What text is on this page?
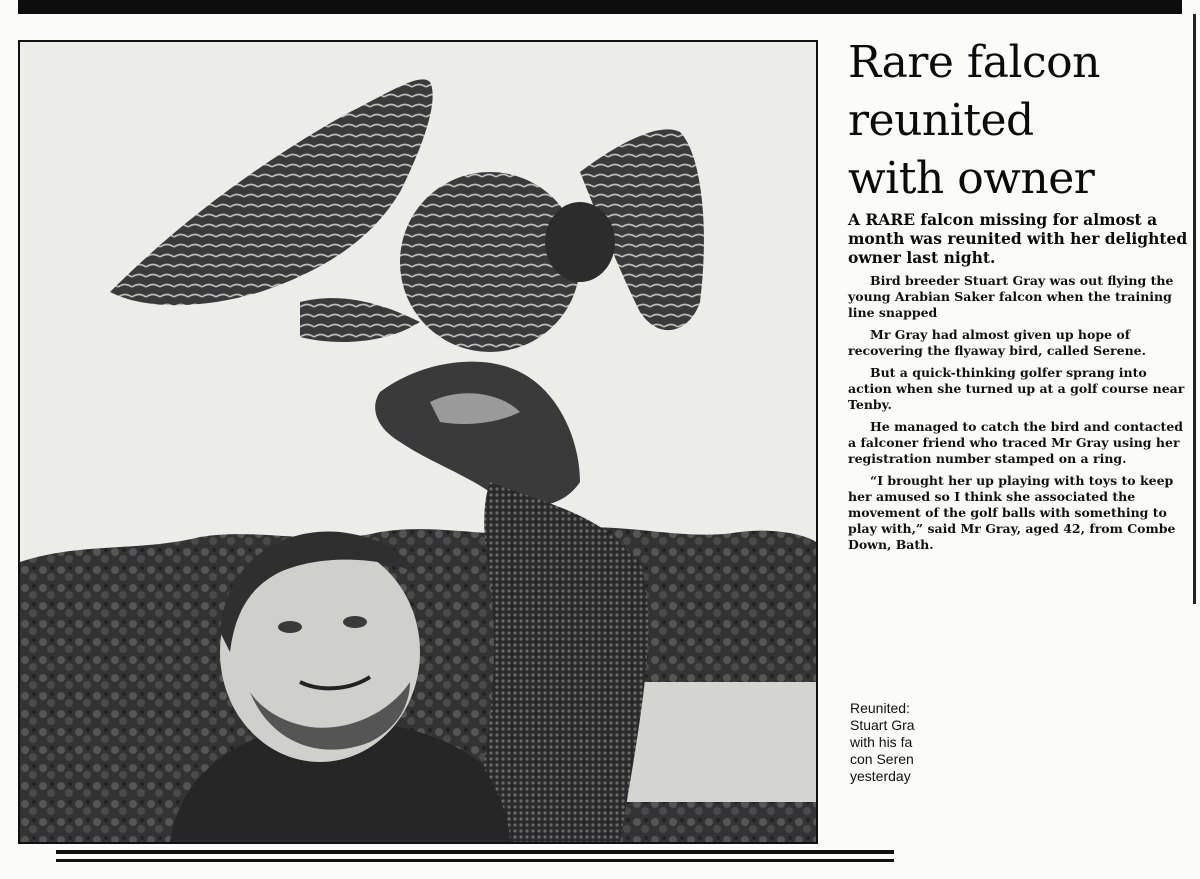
Rare falcon
reunited
with owner

A RARE falcon missing for almost a month was reunited with her delighted owner last night.

Bird breeder Stuart Gray was out flying the young Arabian Saker falcon when the training line snapped

Mr Gray had almost given up hope of recovering the flyaway bird, called Serene.

But a quick-thinking golfer sprang into action when she turned up at a golf course near Tenby.

He managed to catch the bird and contacted a falconer friend who traced Mr Gray using her registration number stamped on a ring.

“I brought her up playing with toys to keep her amused so I think she associated the movement of the golf balls with something to play with,” said Mr Gray, aged 42, from Combe Down, Bath.

Reunited:
Stuart Gra
with his fa
con Seren
yesterday
